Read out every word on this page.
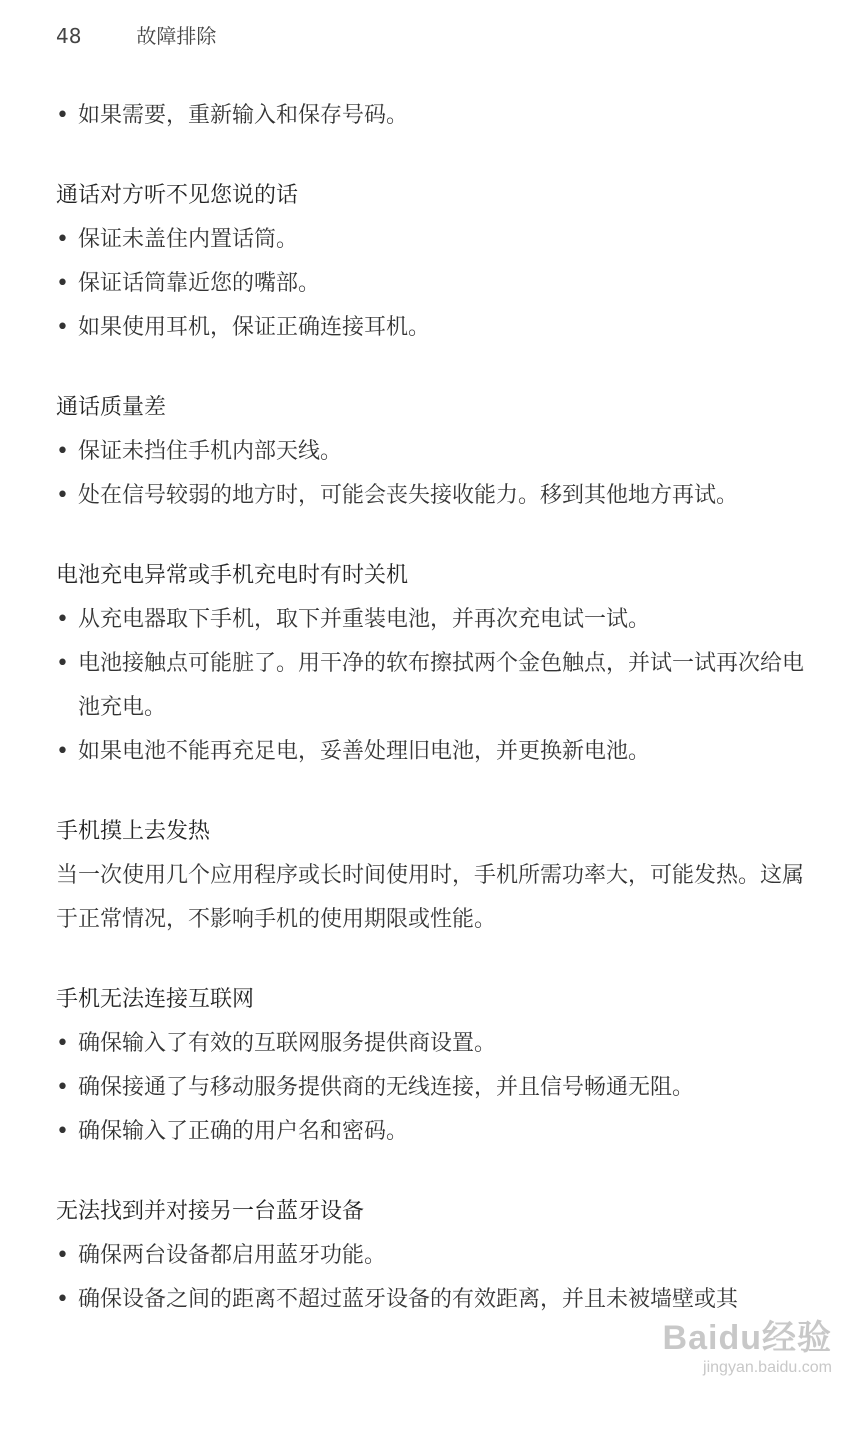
48	故障排除
• 如果需要，重新输入和保存号码。
通话对方听不见您说的话
• 保证未盖住内置话筒。
• 保证话筒靠近您的嘴部。
• 如果使用耳机，保证正确连接耳机。
通话质量差
• 保证未挡住手机内部天线。
• 处在信号较弱的地方时，可能会丧失接收能力。移到其他地方再试。
电池充电异常或手机充电时有时关机
• 从充电器取下手机，取下并重装电池，并再次充电试一试。
• 电池接触点可能脏了。用干净的软布擦拭两个金色触点，并试一试再次给电池充电。
• 如果电池不能再充足电，妥善处理旧电池，并更换新电池。
手机摸上去发热
当一次使用几个应用程序或长时间使用时，手机所需功率大，可能发热。这属于正常情况，不影响手机的使用期限或性能。
手机无法连接互联网
• 确保输入了有效的互联网服务提供商设置。
• 确保接通了与移动服务提供商的无线连接，并且信号畅通无阻。
• 确保输入了正确的用户名和密码。
无法找到并对接另一台蓝牙设备
• 确保两台设备都启用蓝牙功能。
• 确保设备之间的距离不超过蓝牙设备的有效距离，并且未被墙壁或其
Baidu经验
jingyan.baidu.com
